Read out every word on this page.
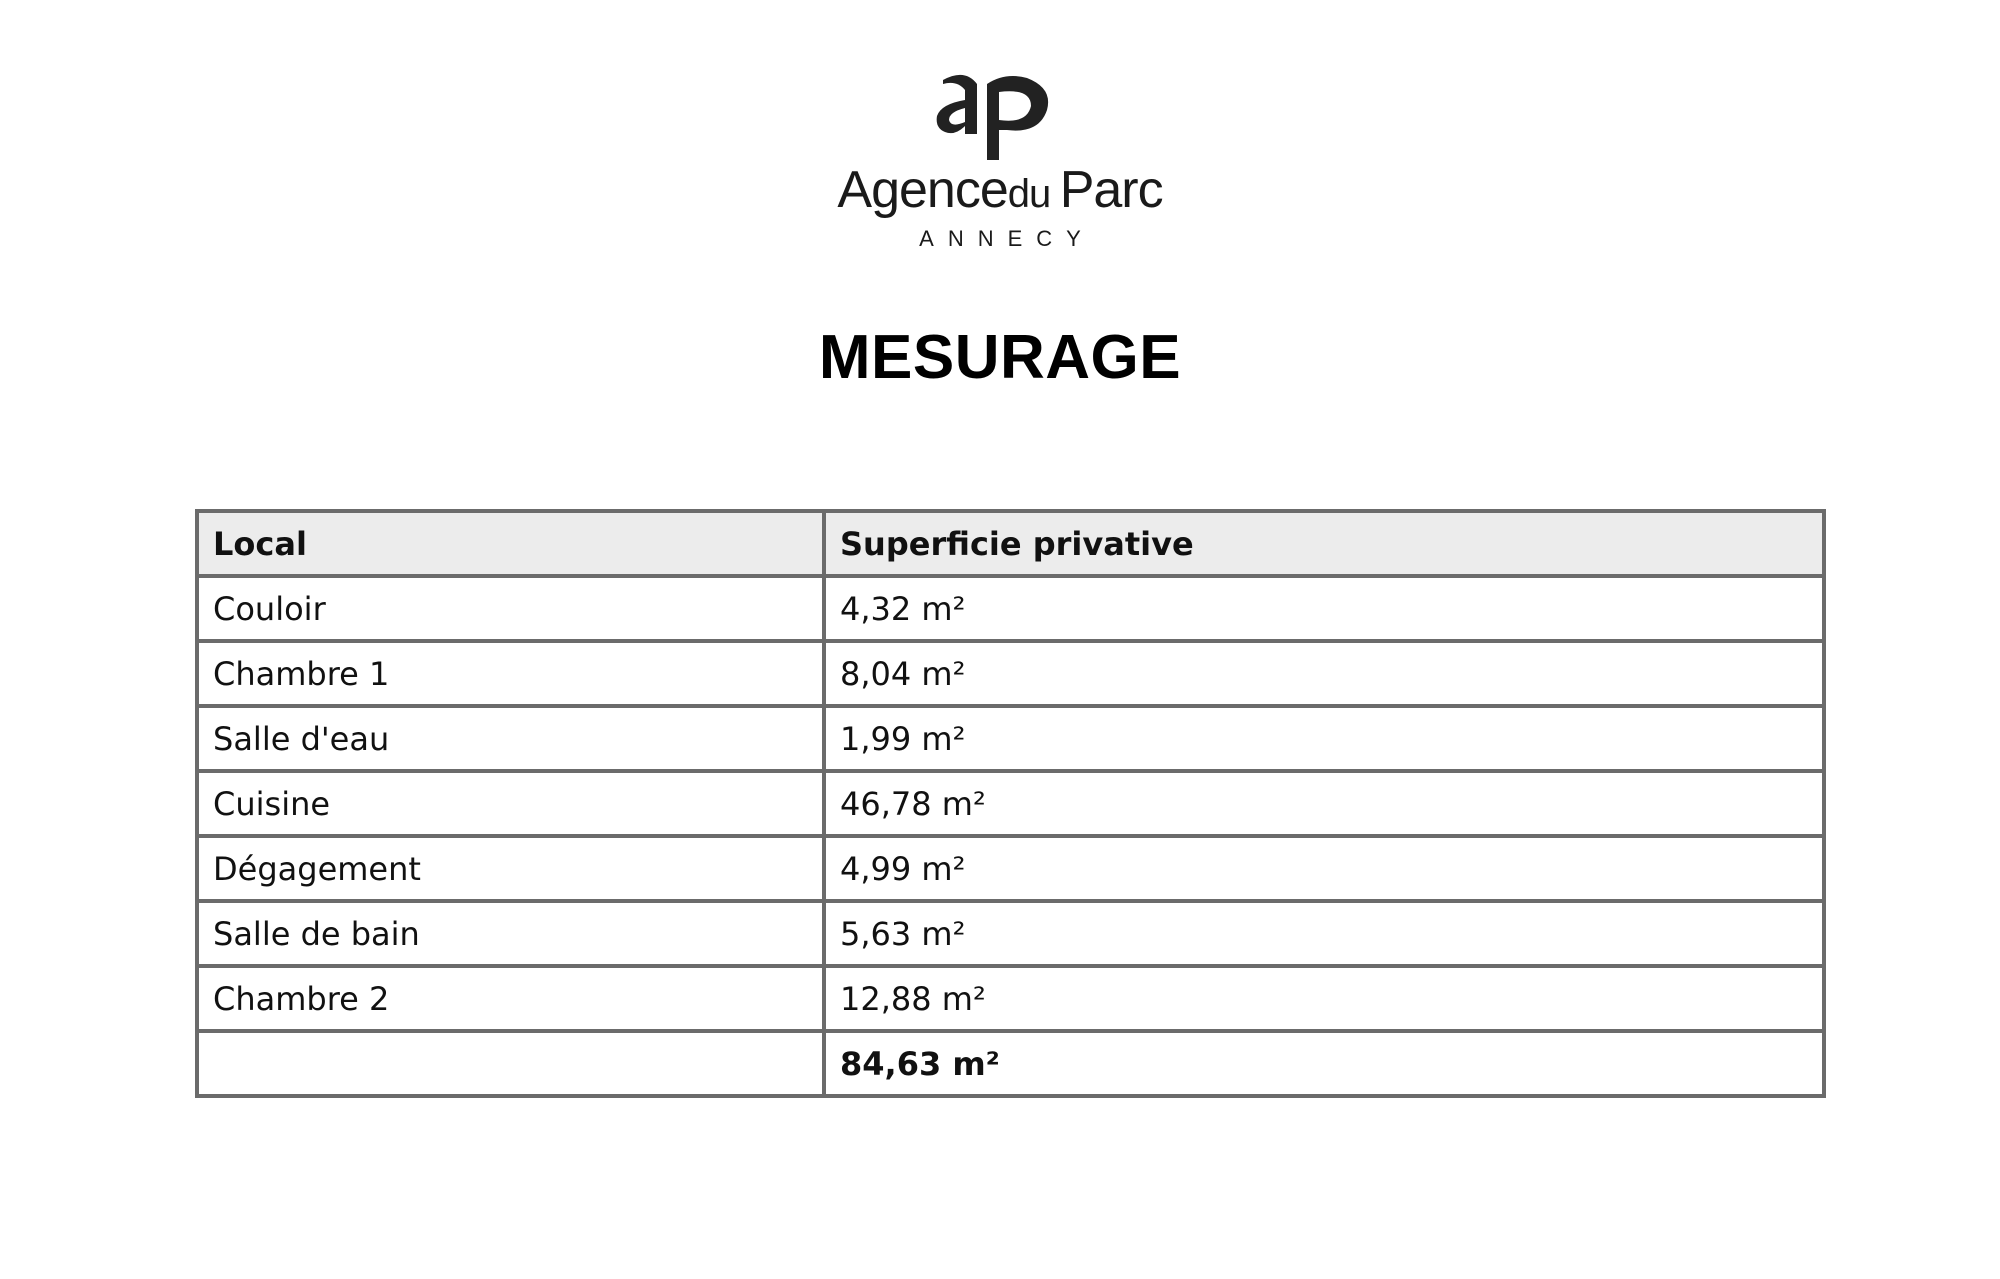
Agencedu  Parc
ANNECY
MESURAGE
Local	Superficie privative
Couloir	4,32 m²
Chambre 1	8,04 m²
Salle d'eau	1,99 m²
Cuisine	46,78 m²
Dégagement	4,99 m²
Salle de bain	5,63 m²
Chambre 2	12,88 m²
	84,63 m²
